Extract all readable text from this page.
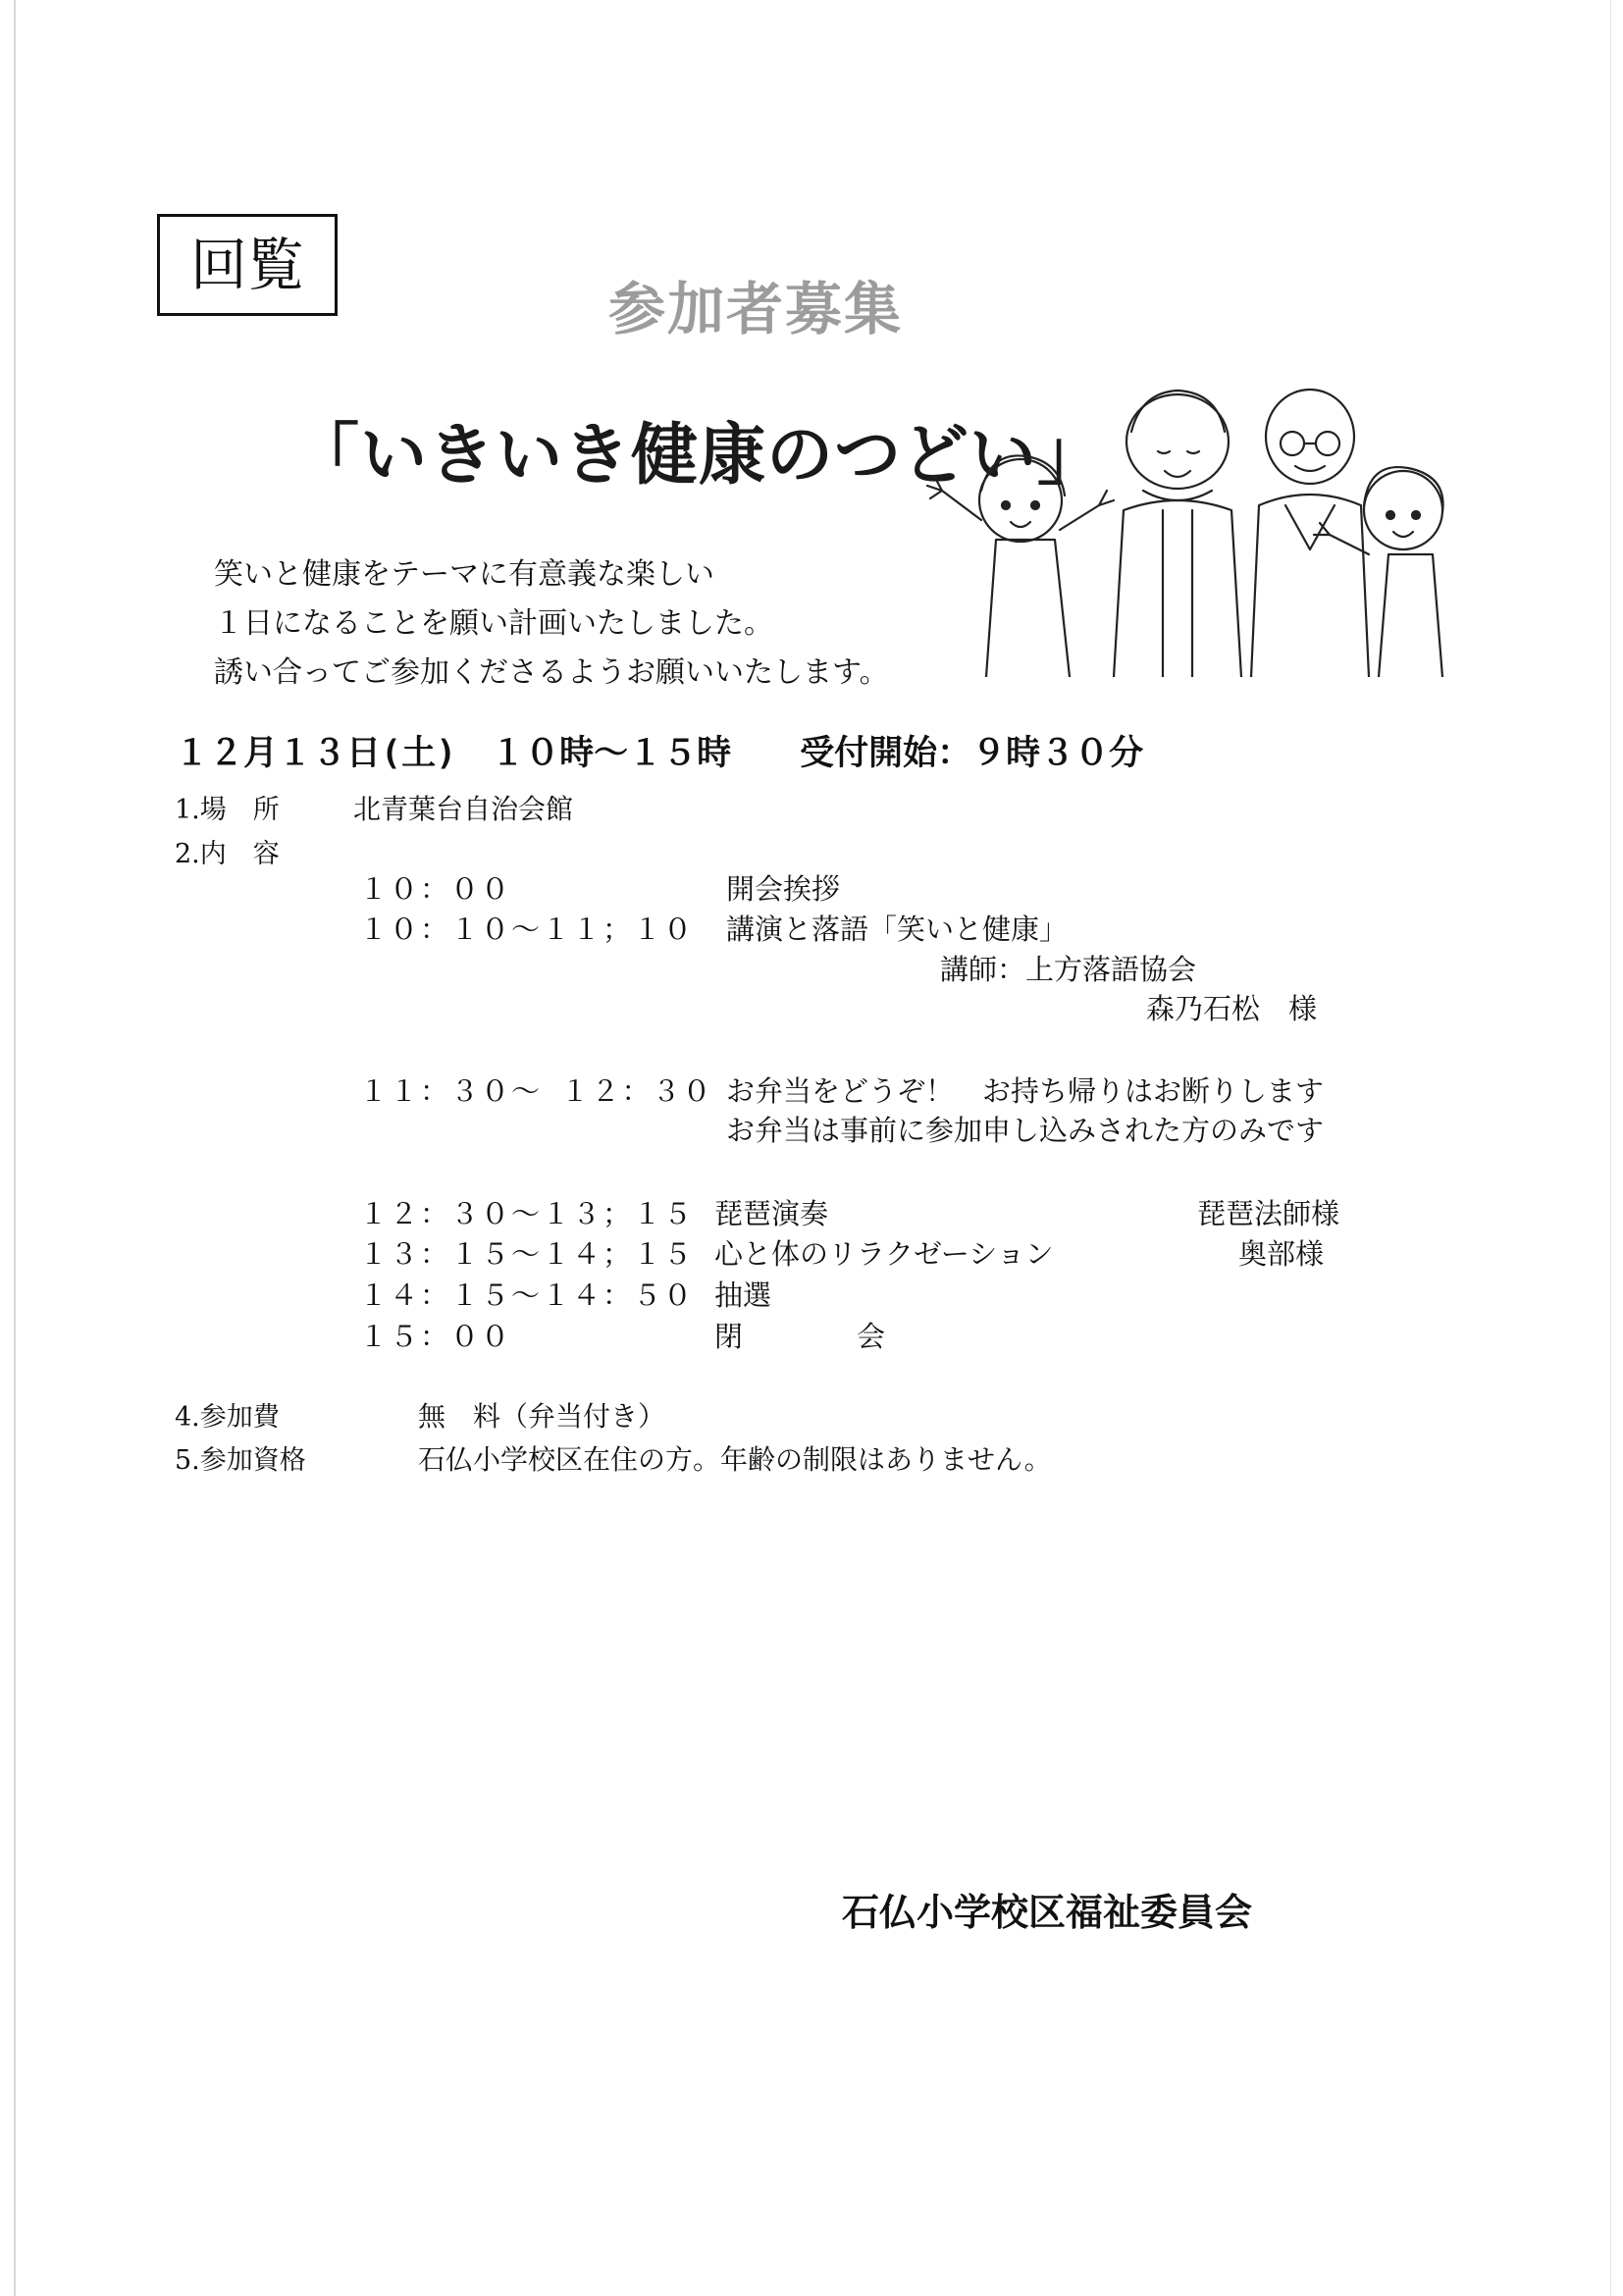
回覧
参加者募集
「いきいき健康のつどい」
笑いと健康をテーマに有意義な楽しい
１日になることを願い計画いたしました。
誘い合ってご参加くださるようお願いいたします。
１２月１３日(土)　１０時～１５時　　受付開始：９時３０分
1.場　所	北青葉台自治会館
2.内　容
１０：００	開会挨拶
１０：１０～１１；１０ 講演と落語「笑いと健康」
講師：上方落語協会
森乃石松　様
１１：３０～ １２：３０ お弁当をどうぞ！　お持ち帰りはお断りします
お弁当は事前に参加申し込みされた方のみです
１２：３０～１３；１５ 琵琶演奏	琵琶法師様
１３：１５～１４；１５ 心と体のリラクゼーション	奥部様
１４：１５～１４：５０ 抽選
１５：００	閉　　　　会
4.参加費	無　料（弁当付き）
5.参加資格	石仏小学校区在住の方。年齢の制限はありません。
石仏小学校区福祉委員会
